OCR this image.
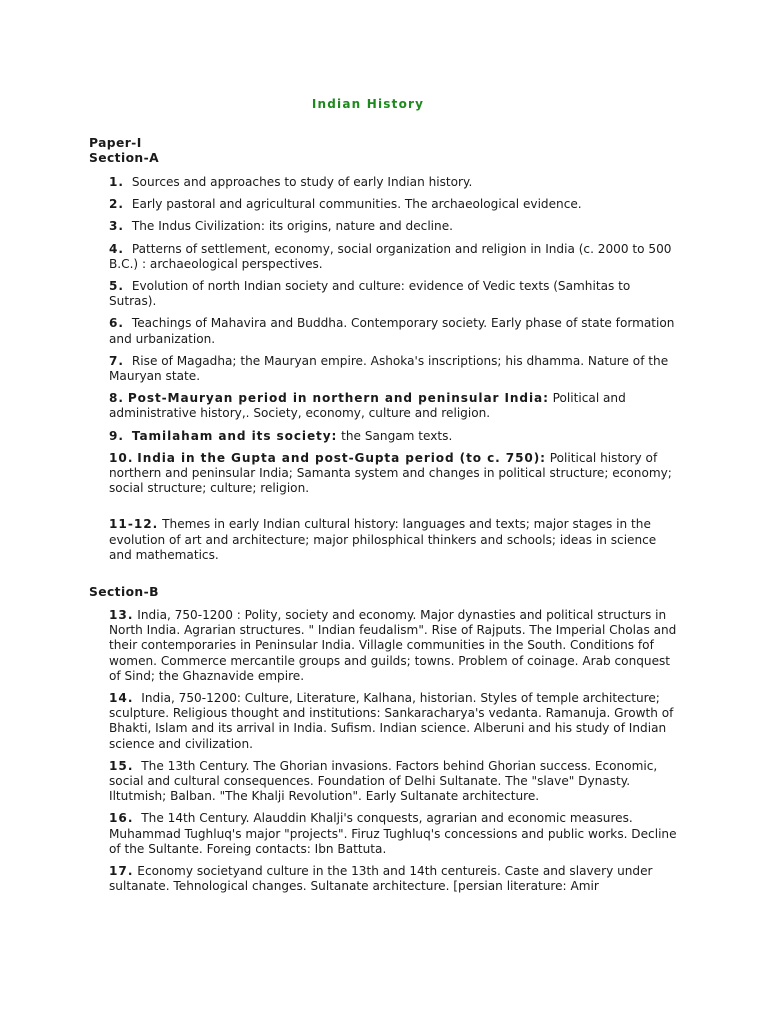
Indian History
Paper-I
Section-A
1. Sources and approaches to study of early Indian history.
2. Early pastoral and agricultural communities. The archaeological evidence.
3. The Indus Civilization: its origins, nature and decline.
4. Patterns of settlement, economy, social organization and religion in India (c. 2000 to 500 B.C.) : archaeological perspectives.
5. Evolution of north Indian society and culture: evidence of Vedic texts (Samhitas to Sutras).
6. Teachings of Mahavira and Buddha. Contemporary society. Early phase of state formation and urbanization.
7. Rise of Magadha; the Mauryan empire. Ashoka's inscriptions; his dhamma. Nature of the Mauryan state.
8. Post-Mauryan period in northern and peninsular India: Political and administrative history,. Society, economy, culture and religion.
9. Tamilaham and its society: the Sangam texts.
10. India in the Gupta and post-Gupta period (to c. 750): Political history of northern and peninsular India; Samanta system and changes in political structure; economy; social structure; culture; religion.
11-12. Themes in early Indian cultural history: languages and texts; major stages in the evolution of art and architecture; major philosphical thinkers and schools; ideas in science and mathematics.
Section-B
13. India, 750-1200 : Polity, society and economy. Major dynasties and political structurs in North India. Agrarian structures. " Indian feudalism". Rise of Rajputs. The Imperial Cholas and their contemporaries in Peninsular India. Villagle communities in the South. Conditions fof women. Commerce mercantile groups and guilds; towns. Problem of coinage. Arab conquest of Sind; the Ghaznavide empire.
14. India, 750-1200: Culture, Literature, Kalhana, historian. Styles of temple architecture; sculpture. Religious thought and institutions: Sankaracharya's vedanta. Ramanuja. Growth of Bhakti, Islam and its arrival in India. Sufism. Indian science. Alberuni and his study of Indian science and civilization.
15. The 13th Century. The Ghorian invasions. Factors behind Ghorian success. Economic, social and cultural consequences. Foundation of Delhi Sultanate. The "slave" Dynasty. Iltutmish; Balban. "The Khalji Revolution". Early Sultanate architecture.
16. The 14th Century. Alauddin Khalji's conquests, agrarian and economic measures. Muhammad Tughluq's major "projects". Firuz Tughluq's concessions and public works. Decline of the Sultante. Foreing contacts: Ibn Battuta.
17. Economy societyand culture in the 13th and 14th centureis. Caste and slavery under sultanate. Tehnological changes. Sultanate architecture. [persian literature: Amir
